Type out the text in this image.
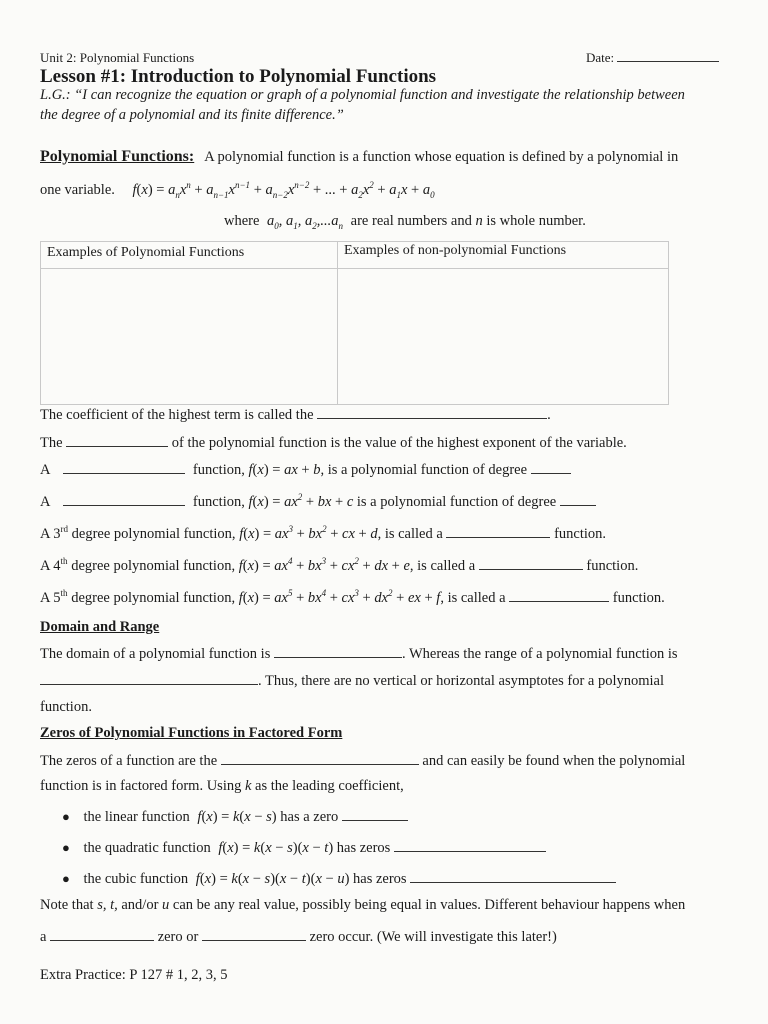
Unit 2: Polynomial Functions	Date:
Lesson #1: Introduction to Polynomial Functions
L.G.: “I can recognize the equation or graph of a polynomial function and investigate the relationship between
the degree of a polynomial and its finite difference.”
Polynomial Functions: A polynomial function is a function whose equation is defined by a polynomial in
one variable. $f(x) = a_nx^n + a_{n-1}x^{n-1} + a_{n-2}x^{n-2}$ + ... + $a_2x^2 + a_1x + a_0$
where $a_0$, $a_1$, $a_2,...a_n$ are real numbers and n is whole number.
Examples of Polynomial Functions	Examples of non-polynomial Functions
The coefficient of the highest term is called the	.
The	of the polynomial function is the value of the highest exponent of the variable.
A	function, f(x) = ax + b, is a polynomial function of degree
A	function, $f(x) = ax^2$ + bx + c is a polynomial function of degree
A 3rd degree polynomial function, $f(x) = ax^3 + bx^2$ + cx + d, is called a	function.
A 4th degree polynomial function, $f(x) = ax^4 + bx^3 + cx^2$ + dx + e, is called a	function.
A 5th degree polynomial function, $f(x) = ax^5 + bx^4 + cx^3 + dx^2$ + ex + f, is called a	function.
Domain and Range
The domain of a polynomial function is	. Whereas the range of a polynomial function is
. Thus, there are no vertical or horizontal asymptotes for a polynomial
function.
Zeros of Polynomial Functions in Factored Form
The zeros of a function are the	and can easily be found when the polynomial
function is in factored form. Using k as the leading coefficient,
● the linear function f(x) = k(x − s) has a zero
● the quadratic function f(x) = k(x − s)(x − t) has zeros
● the cubic function f(x) = k(x − s)(x − t)(x − u) has zeros
Note that s, t, and/or u can be any real value, possibly being equal in values. Different behaviour happens when
a	zero or	zero occur. (We will investigate this later!)
Extra Practice: P 127 # 1, 2, 3, 5
